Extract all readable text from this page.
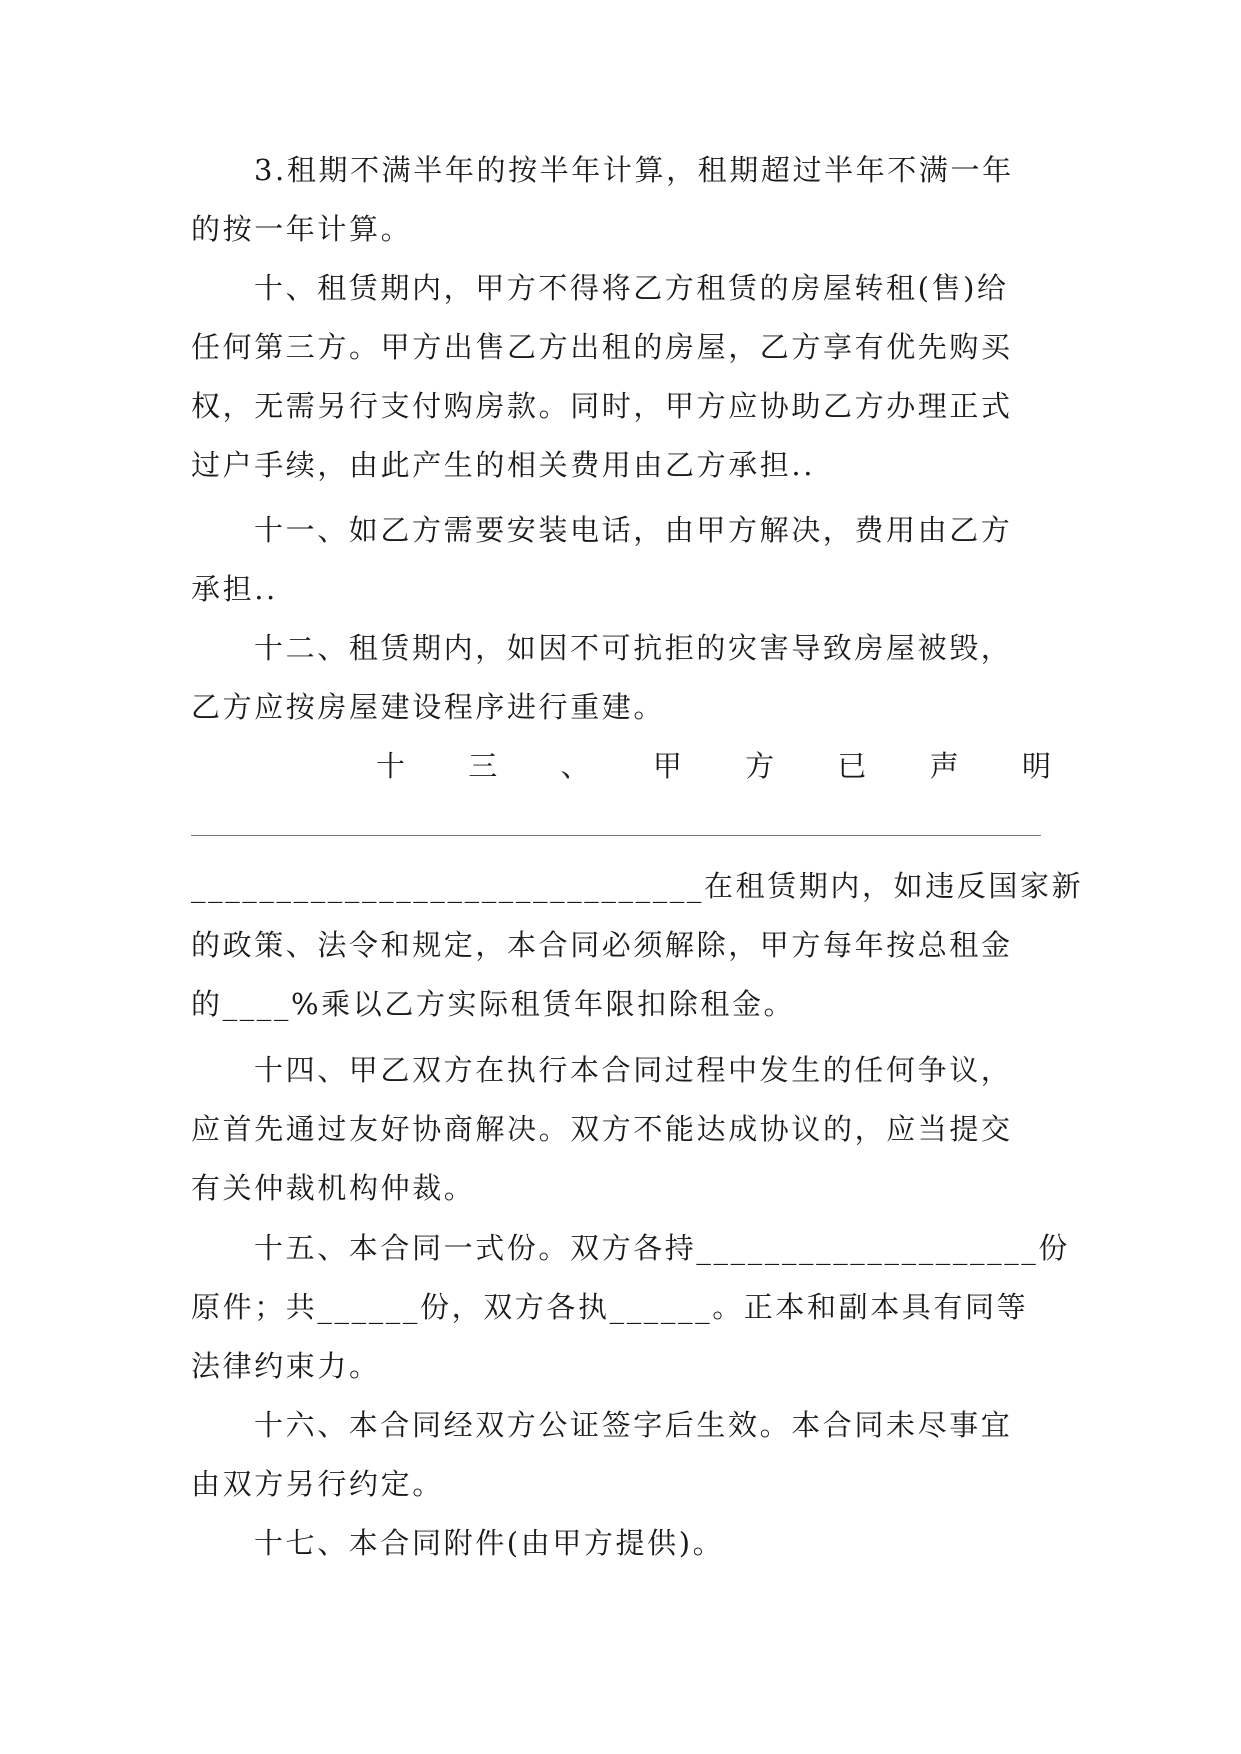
3.租期不满半年的按半年计算，租期超过半年不满一年
的按一年计算。
十、租赁期内，甲方不得将乙方租赁的房屋转租(售)给
任何第三方。甲方出售乙方出租的房屋，乙方享有优先购买
权，无需另行支付购房款。同时，甲方应协助乙方办理正式
过户手续，由此产生的相关费用由乙方承担..
十一、如乙方需要安装电话，由甲方解决，费用由乙方
承担..
十二、租赁期内，如因不可抗拒的灾害导致房屋被毁，
乙方应按房屋建设程序进行重建。
十 三 、 甲 方 已 声 明
______________________________在租赁期内，如违反国家新
的政策、法令和规定，本合同必须解除，甲方每年按总租金
的____%乘以乙方实际租赁年限扣除租金。
十四、甲乙双方在执行本合同过程中发生的任何争议，
应首先通过友好协商解决。双方不能达成协议的，应当提交
有关仲裁机构仲裁。
十五、本合同一式份。双方各持____________________份
原件；共______份，双方各执______。正本和副本具有同等
法律约束力。
十六、本合同经双方公证签字后生效。本合同未尽事宜
由双方另行约定。
十七、本合同附件(由甲方提供)。
